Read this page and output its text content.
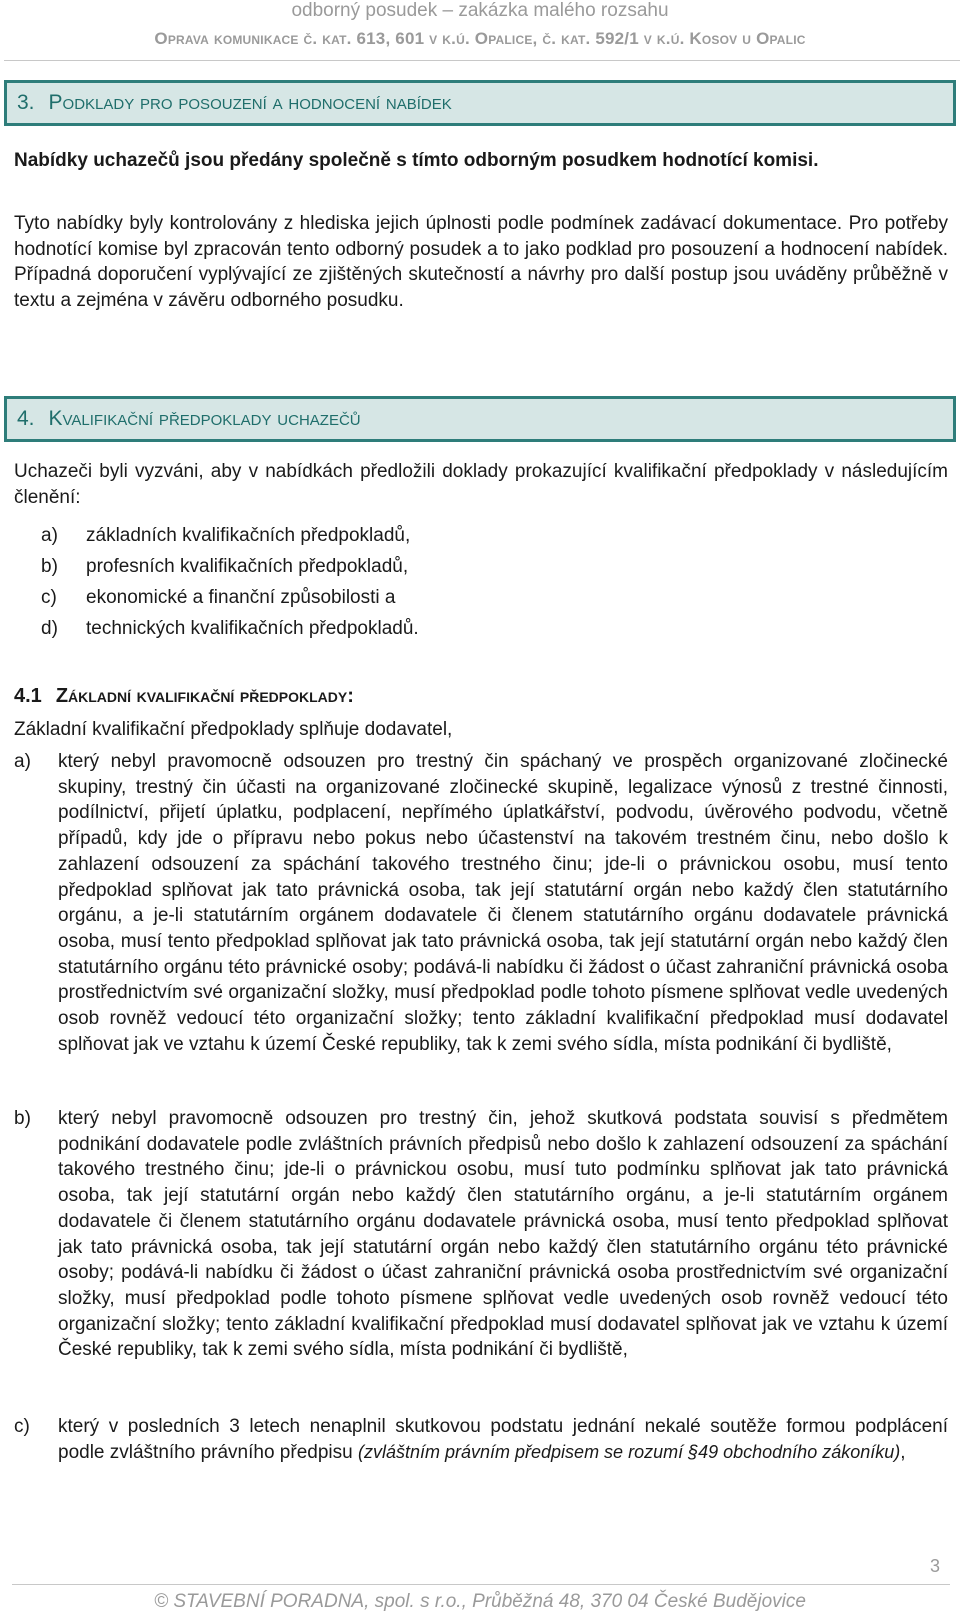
odborný posudek – zakázka malého rozsahu
Oprava komunikace č. kat. 613, 601 v k.ú. Opalice, č. kat. 592/1 v k.ú. Kosov u Opalic
3. Podklady pro posouzení a hodnocení nabídek
Nabídky uchazečů jsou předány společně s tímto odborným posudkem hodnotící komisi.
Tyto nabídky byly kontrolovány z hlediska jejich úplnosti podle podmínek zadávací dokumentace. Pro potřeby hodnotící komise byl zpracován tento odborný posudek a to jako podklad pro posouzení a hodnocení nabídek. Případná doporučení vyplývající ze zjištěných skutečností a návrhy pro další postup jsou uváděny průběžně v textu a zejména v závěru odborného posudku.
4. Kvalifikační předpoklady uchazečů
Uchazeči byli vyzváni, aby v nabídkách předložili doklady prokazující kvalifikační předpoklady v následujícím členění:
a) základních kvalifikačních předpokladů,
b) profesních kvalifikačních předpokladů,
c) ekonomické a finanční způsobilosti a
d) technických kvalifikačních předpokladů.
4.1 Základní kvalifikační předpoklady:
Základní kvalifikační předpoklady splňuje dodavatel,
a) který nebyl pravomocně odsouzen pro trestný čin spáchaný ve prospěch organizované zločinecké skupiny, trestný čin účasti na organizované zločinecké skupině, legalizace výnosů z trestné činnosti, podílnictví, přijetí úplatku, podplacení, nepřímého úplatkářství, podvodu, úvěrového podvodu, včetně případů, kdy jde o přípravu nebo pokus nebo účastenství na takovém trestném činu, nebo došlo k zahlazení odsouzení za spáchání takového trestného činu; jde-li o právnickou osobu, musí tento předpoklad splňovat jak tato právnická osoba, tak její statutární orgán nebo každý člen statutárního orgánu, a je-li statutárním orgánem dodavatele či členem statutárního orgánu dodavatele právnická osoba, musí tento předpoklad splňovat jak tato právnická osoba, tak její statutární orgán nebo každý člen statutárního orgánu této právnické osoby; podává-li nabídku či žádost o účast zahraniční právnická osoba prostřednictvím své organizační složky, musí předpoklad podle tohoto písmene splňovat vedle uvedených osob rovněž vedoucí této organizační složky; tento základní kvalifikační předpoklad musí dodavatel splňovat jak ve vztahu k území České republiky, tak k zemi svého sídla, místa podnikání či bydliště,
b) který nebyl pravomocně odsouzen pro trestný čin, jehož skutková podstata souvisí s předmětem podnikání dodavatele podle zvláštních právních předpisů nebo došlo k zahlazení odsouzení za spáchání takového trestného činu; jde-li o právnickou osobu, musí tuto podmínku splňovat jak tato právnická osoba, tak její statutární orgán nebo každý člen statutárního orgánu, a je-li statutárním orgánem dodavatele či členem statutárního orgánu dodavatele právnická osoba, musí tento předpoklad splňovat jak tato právnická osoba, tak její statutární orgán nebo každý člen statutárního orgánu této právnické osoby; podává-li nabídku či žádost o účast zahraniční právnická osoba prostřednictvím své organizační složky, musí předpoklad podle tohoto písmene splňovat vedle uvedených osob rovněž vedoucí této organizační složky; tento základní kvalifikační předpoklad musí dodavatel splňovat jak ve vztahu k území České republiky, tak k zemi svého sídla, místa podnikání či bydliště,
c) který v posledních 3 letech nenaplnil skutkovou podstatu jednání nekalé soutěže formou podplácení podle zvláštního právního předpisu (zvláštním právním předpisem se rozumí §49 obchodního zákoníku),
3
© STAVEBNÍ PORADNA, spol. s r.o., Průběžná 48, 370 04 České Budějovice
